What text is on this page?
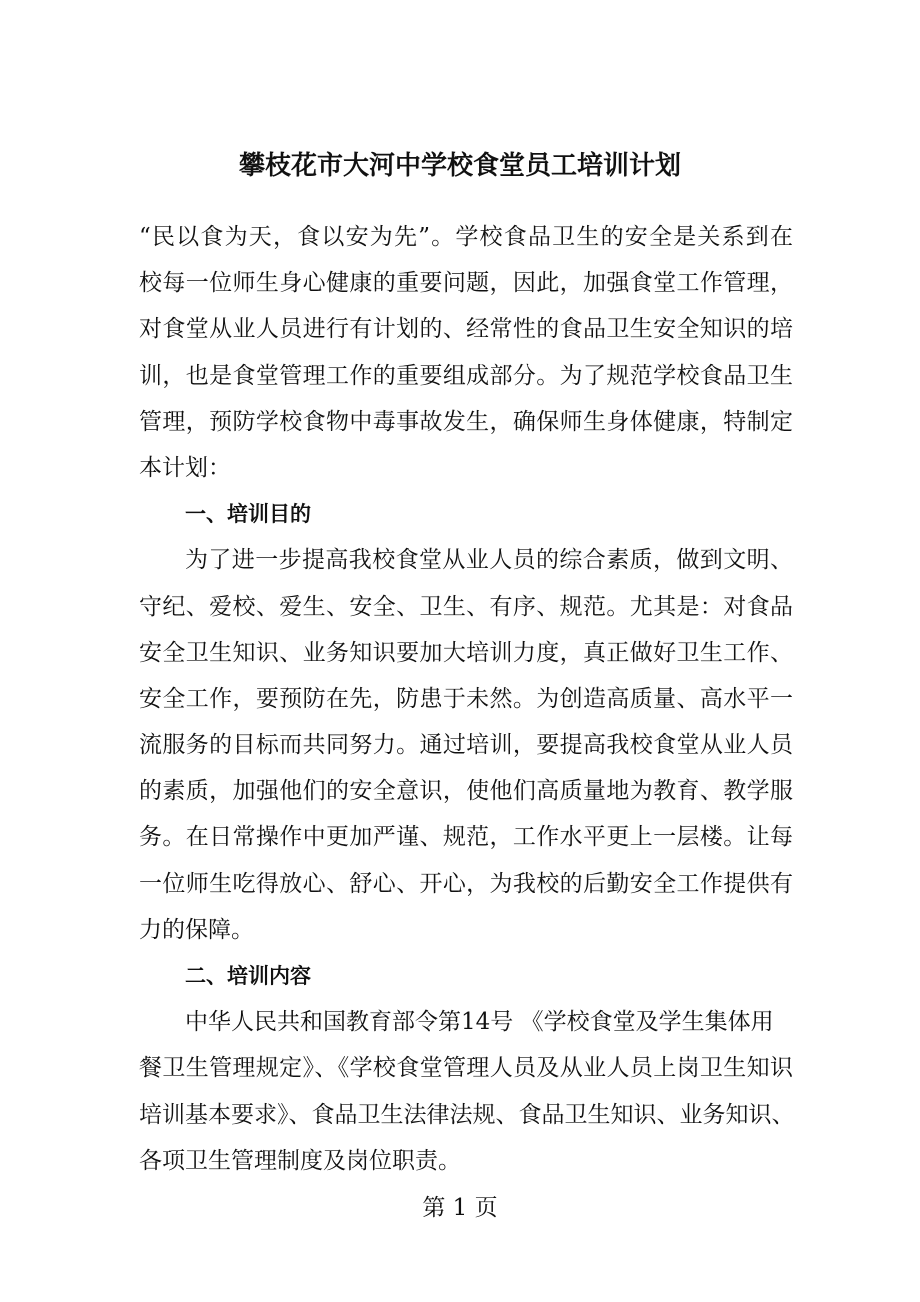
攀枝花市大河中学校食堂员工培训计划
“民以食为天，食以安为先”。学校食品卫生的安全是关系到在
校每一位师生身心健康的重要问题，因此，加强食堂工作管理，
对食堂从业人员进行有计划的、经常性的食品卫生安全知识的培
训，也是食堂管理工作的重要组成部分。为了规范学校食品卫生
管理，预防学校食物中毒事故发生，确保师生身体健康，特制定
本计划：
一、培训目的
为了进一步提高我校食堂从业人员的综合素质，做到文明、
守纪、爱校、爱生、安全、卫生、有序、规范。尤其是：对食品
安全卫生知识、业务知识要加大培训力度，真正做好卫生工作、
安全工作，要预防在先，防患于未然。为创造高质量、高水平一
流服务的目标而共同努力。通过培训，要提高我校食堂从业人员
的素质，加强他们的安全意识，使他们高质量地为教育、教学服
务。在日常操作中更加严谨、规范，工作水平更上一层楼。让每
一位师生吃得放心、舒心、开心，为我校的后勤安全工作提供有
力的保障。
二、培训内容
中华人民共和国教育部令第14号 《学校食堂及学生集体用
餐卫生管理规定》、《学校食堂管理人员及从业人员上岗卫生知识
培训基本要求》、食品卫生法律法规、食品卫生知识、业务知识、
各项卫生管理制度及岗位职责。
第 1 页
